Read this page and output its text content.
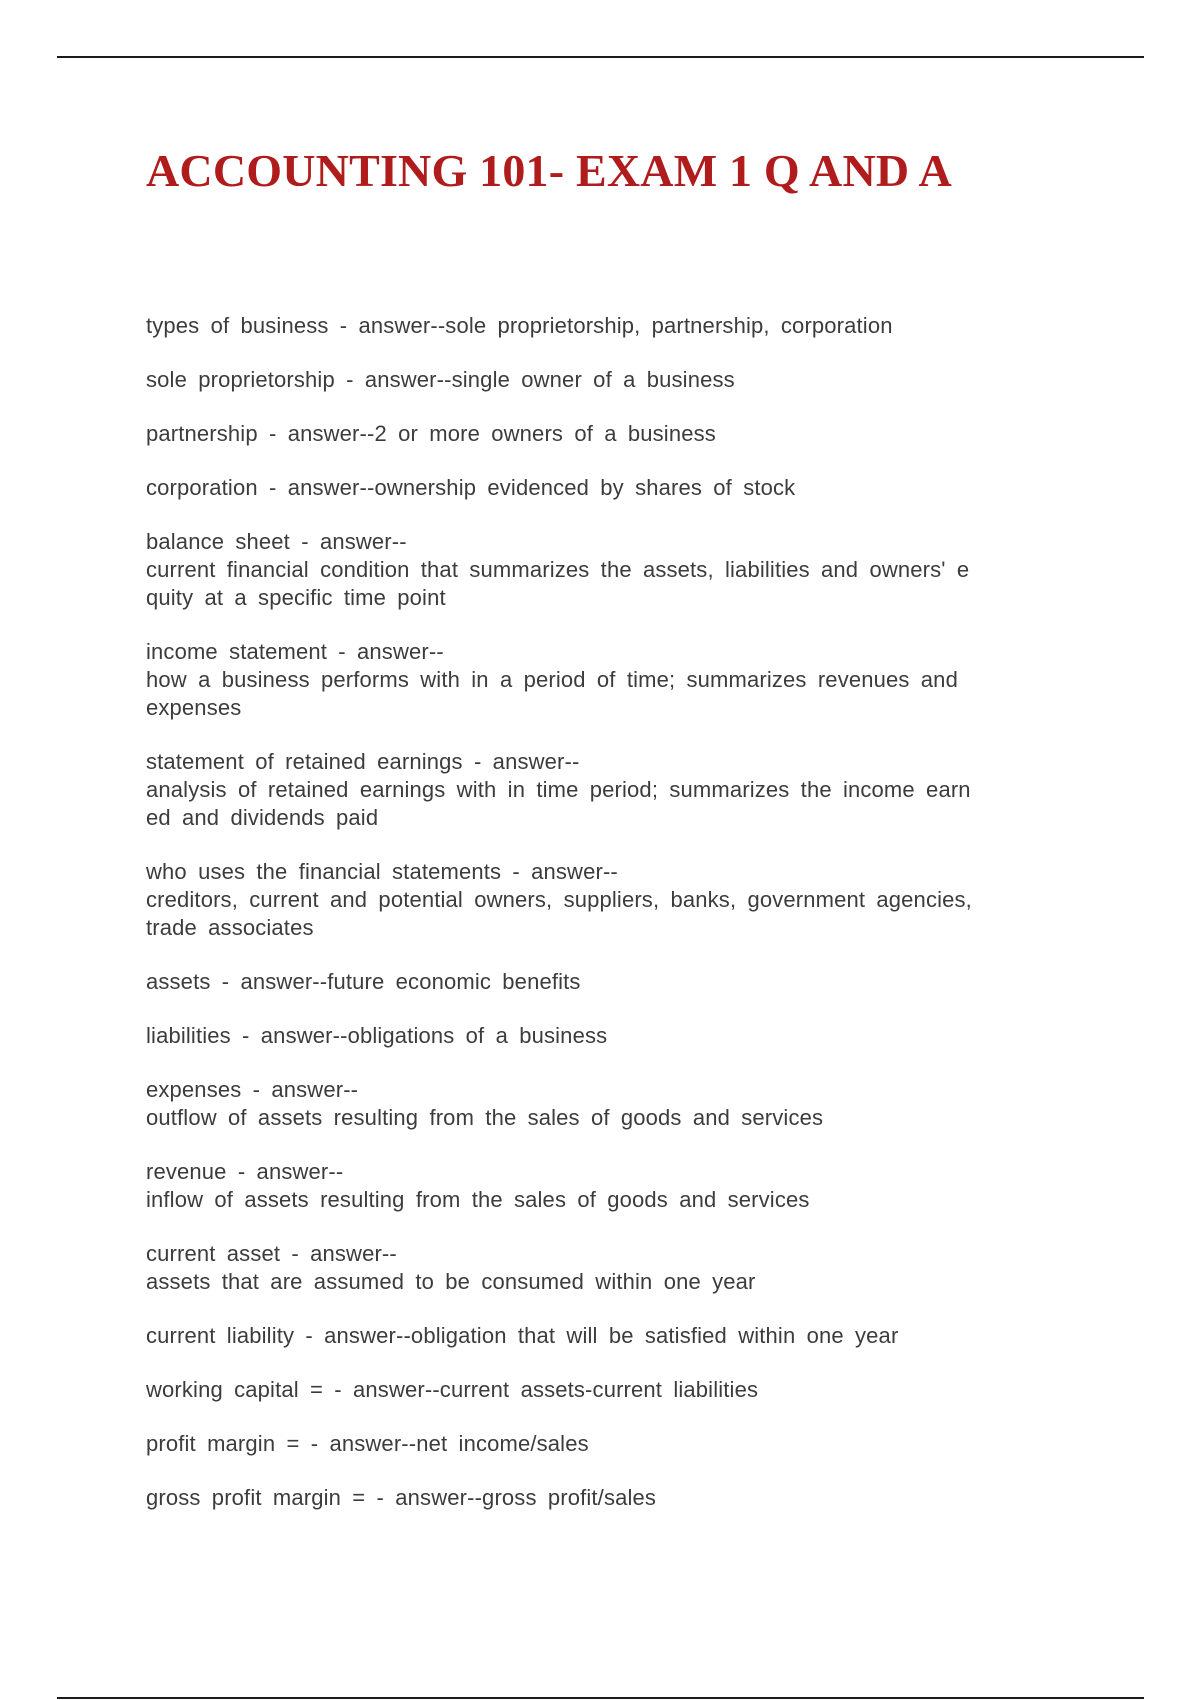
ACCOUNTING 101- EXAM 1 Q AND A
types of business - answer--sole proprietorship, partnership, corporation
sole proprietorship - answer--single owner of a business
partnership - answer--2 or more owners of a business
corporation - answer--ownership evidenced by shares of stock
balance sheet - answer--
current financial condition that summarizes the assets, liabilities and owners' e
quity at a specific time point
income statement - answer--
how a business performs with in a period of time; summarizes revenues and
expenses
statement of retained earnings - answer--
analysis of retained earnings with in time period; summarizes the income earn
ed and dividends paid
who uses the financial statements - answer--
creditors, current and potential owners, suppliers, banks, government agencies,
trade associates
assets - answer--future economic benefits
liabilities - answer--obligations of a business
expenses - answer--
outflow of assets resulting from the sales of goods and services
revenue - answer--
inflow of assets resulting from the sales of goods and services
current asset - answer--
assets that are assumed to be consumed within one year
current liability - answer--obligation that will be satisfied within one year
working capital = - answer--current assets-current liabilities
profit margin = - answer--net income/sales
gross profit margin = - answer--gross profit/sales
